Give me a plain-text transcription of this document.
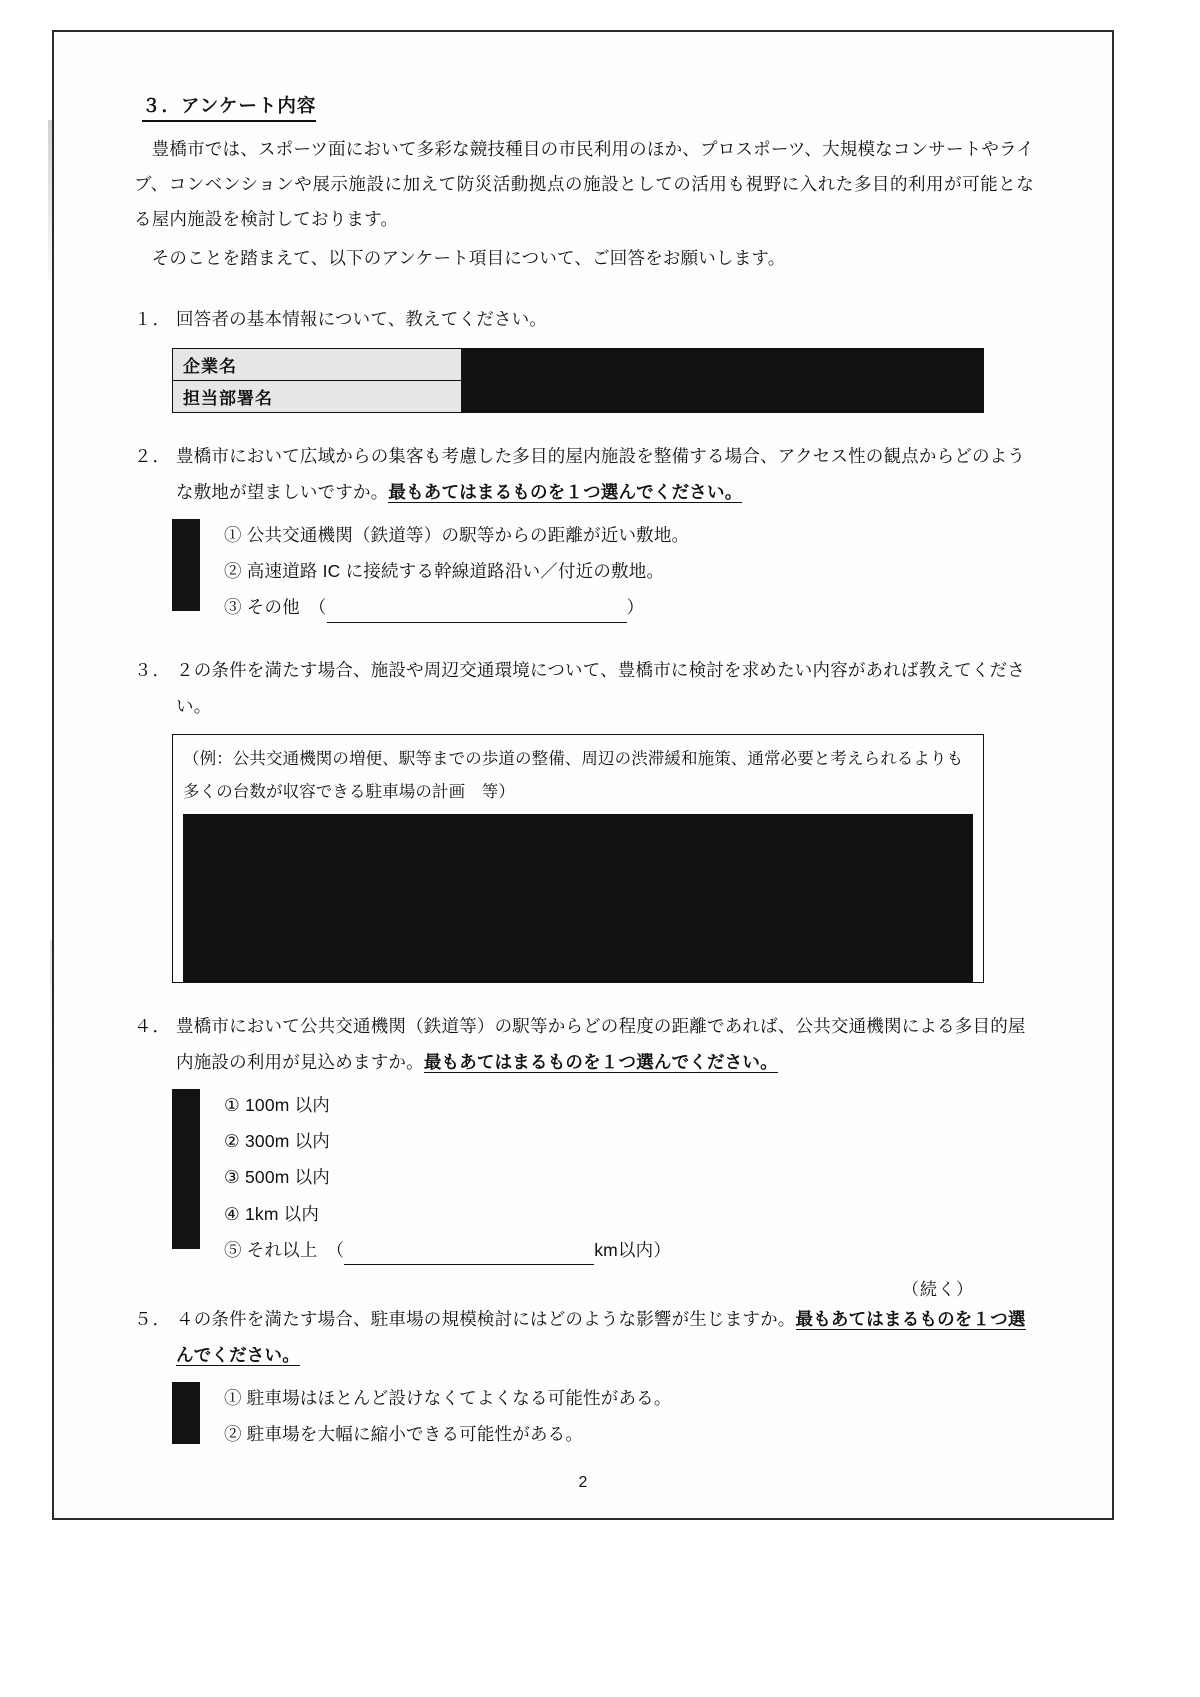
３．アンケート内容

　豊橋市では、スポーツ面において多彩な競技種目の市民利用のほか、プロスポーツ、大規模なコンサートやライブ、コンベンションや展示施設に加えて防災活動拠点の施設としての活用も視野に入れた多目的利用が可能となる屋内施設を検討しております。

　そのことを踏まえて、以下のアンケート項目について、ご回答をお願いします。

１． 回答者の基本情報について、教えてください。
企業名	
担当部署名	
２． 豊橋市において広域からの集客も考慮した多目的屋内施設を整備する場合、アクセス性の観点からどのような敷地が望ましいですか。最もあてはまるものを１つ選んでください。
① 公共交通機関（鉄道等）の駅等からの距離が近い敷地。
② 高速道路 IC に接続する幹線道路沿い／付近の敷地。
③ その他　（	）
３． ２の条件を満たす場合、施設や周辺交通環境について、豊橋市に検討を求めたい内容があれば教えてください。
（例：公共交通機関の増便、駅等までの歩道の整備、周辺の渋滞緩和施策、通常必要と考えられるよりも多くの台数が収容できる駐車場の計画　等）
４． 豊橋市において公共交通機関（鉄道等）の駅等からどの程度の距離であれば、公共交通機関による多目的屋内施設の利用が見込めますか。最もあてはまるものを１つ選んでください。
① 100m 以内
② 300m 以内
③ 500m 以内
④ 1km 以内
⑤ それ以上　（	km以内）
（続く）
５． ４の条件を満たす場合、駐車場の規模検討にはどのような影響が生じますか。最もあてはまるものを１つ選んでください。
① 駐車場はほとんど設けなくてよくなる可能性がある。
② 駐車場を大幅に縮小できる可能性がある。
2
